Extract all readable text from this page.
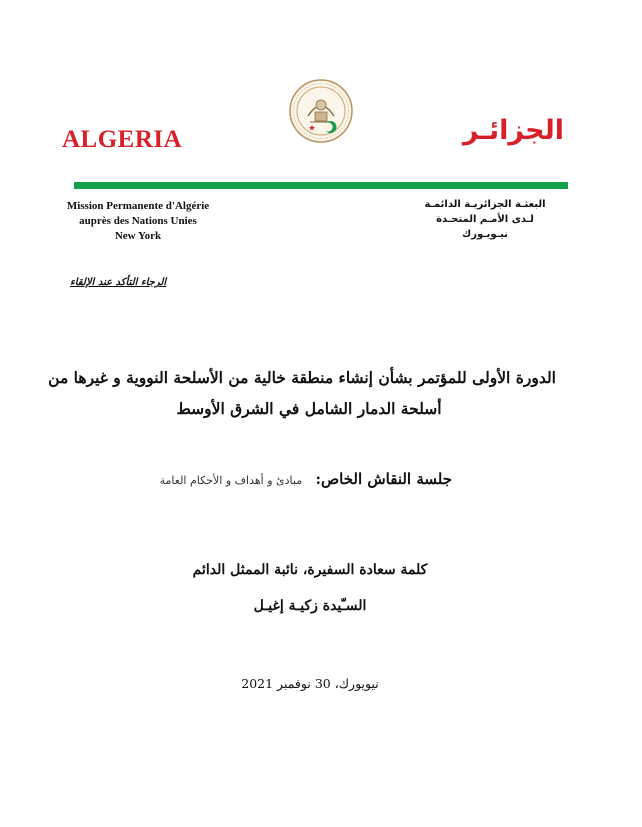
ALGERIA	الجزائـر
Mission Permanente d'Algérie
auprès des Nations Unies
New York
البعثـة الجزائريـة الدائمـة
لـدى الأمـم المتحـدة
نيـويـورك
الرجاء التأكد عند الإلقاء
الدورة الأولى للمؤتمر بشأن إنشاء منطقة خالية من الأسلحة النووية و غيرها من
أسلحة الدمار الشامل في الشرق الأوسط
جلسة النقاش الخاص:   مبادئ و أهداف و الأحكام العامة
كلمة سعادة السفيرة، نائبة الممثل الدائم
السـّيدة زكيـة إغيـل
نيويورك، 30 نوفمبر 2021
